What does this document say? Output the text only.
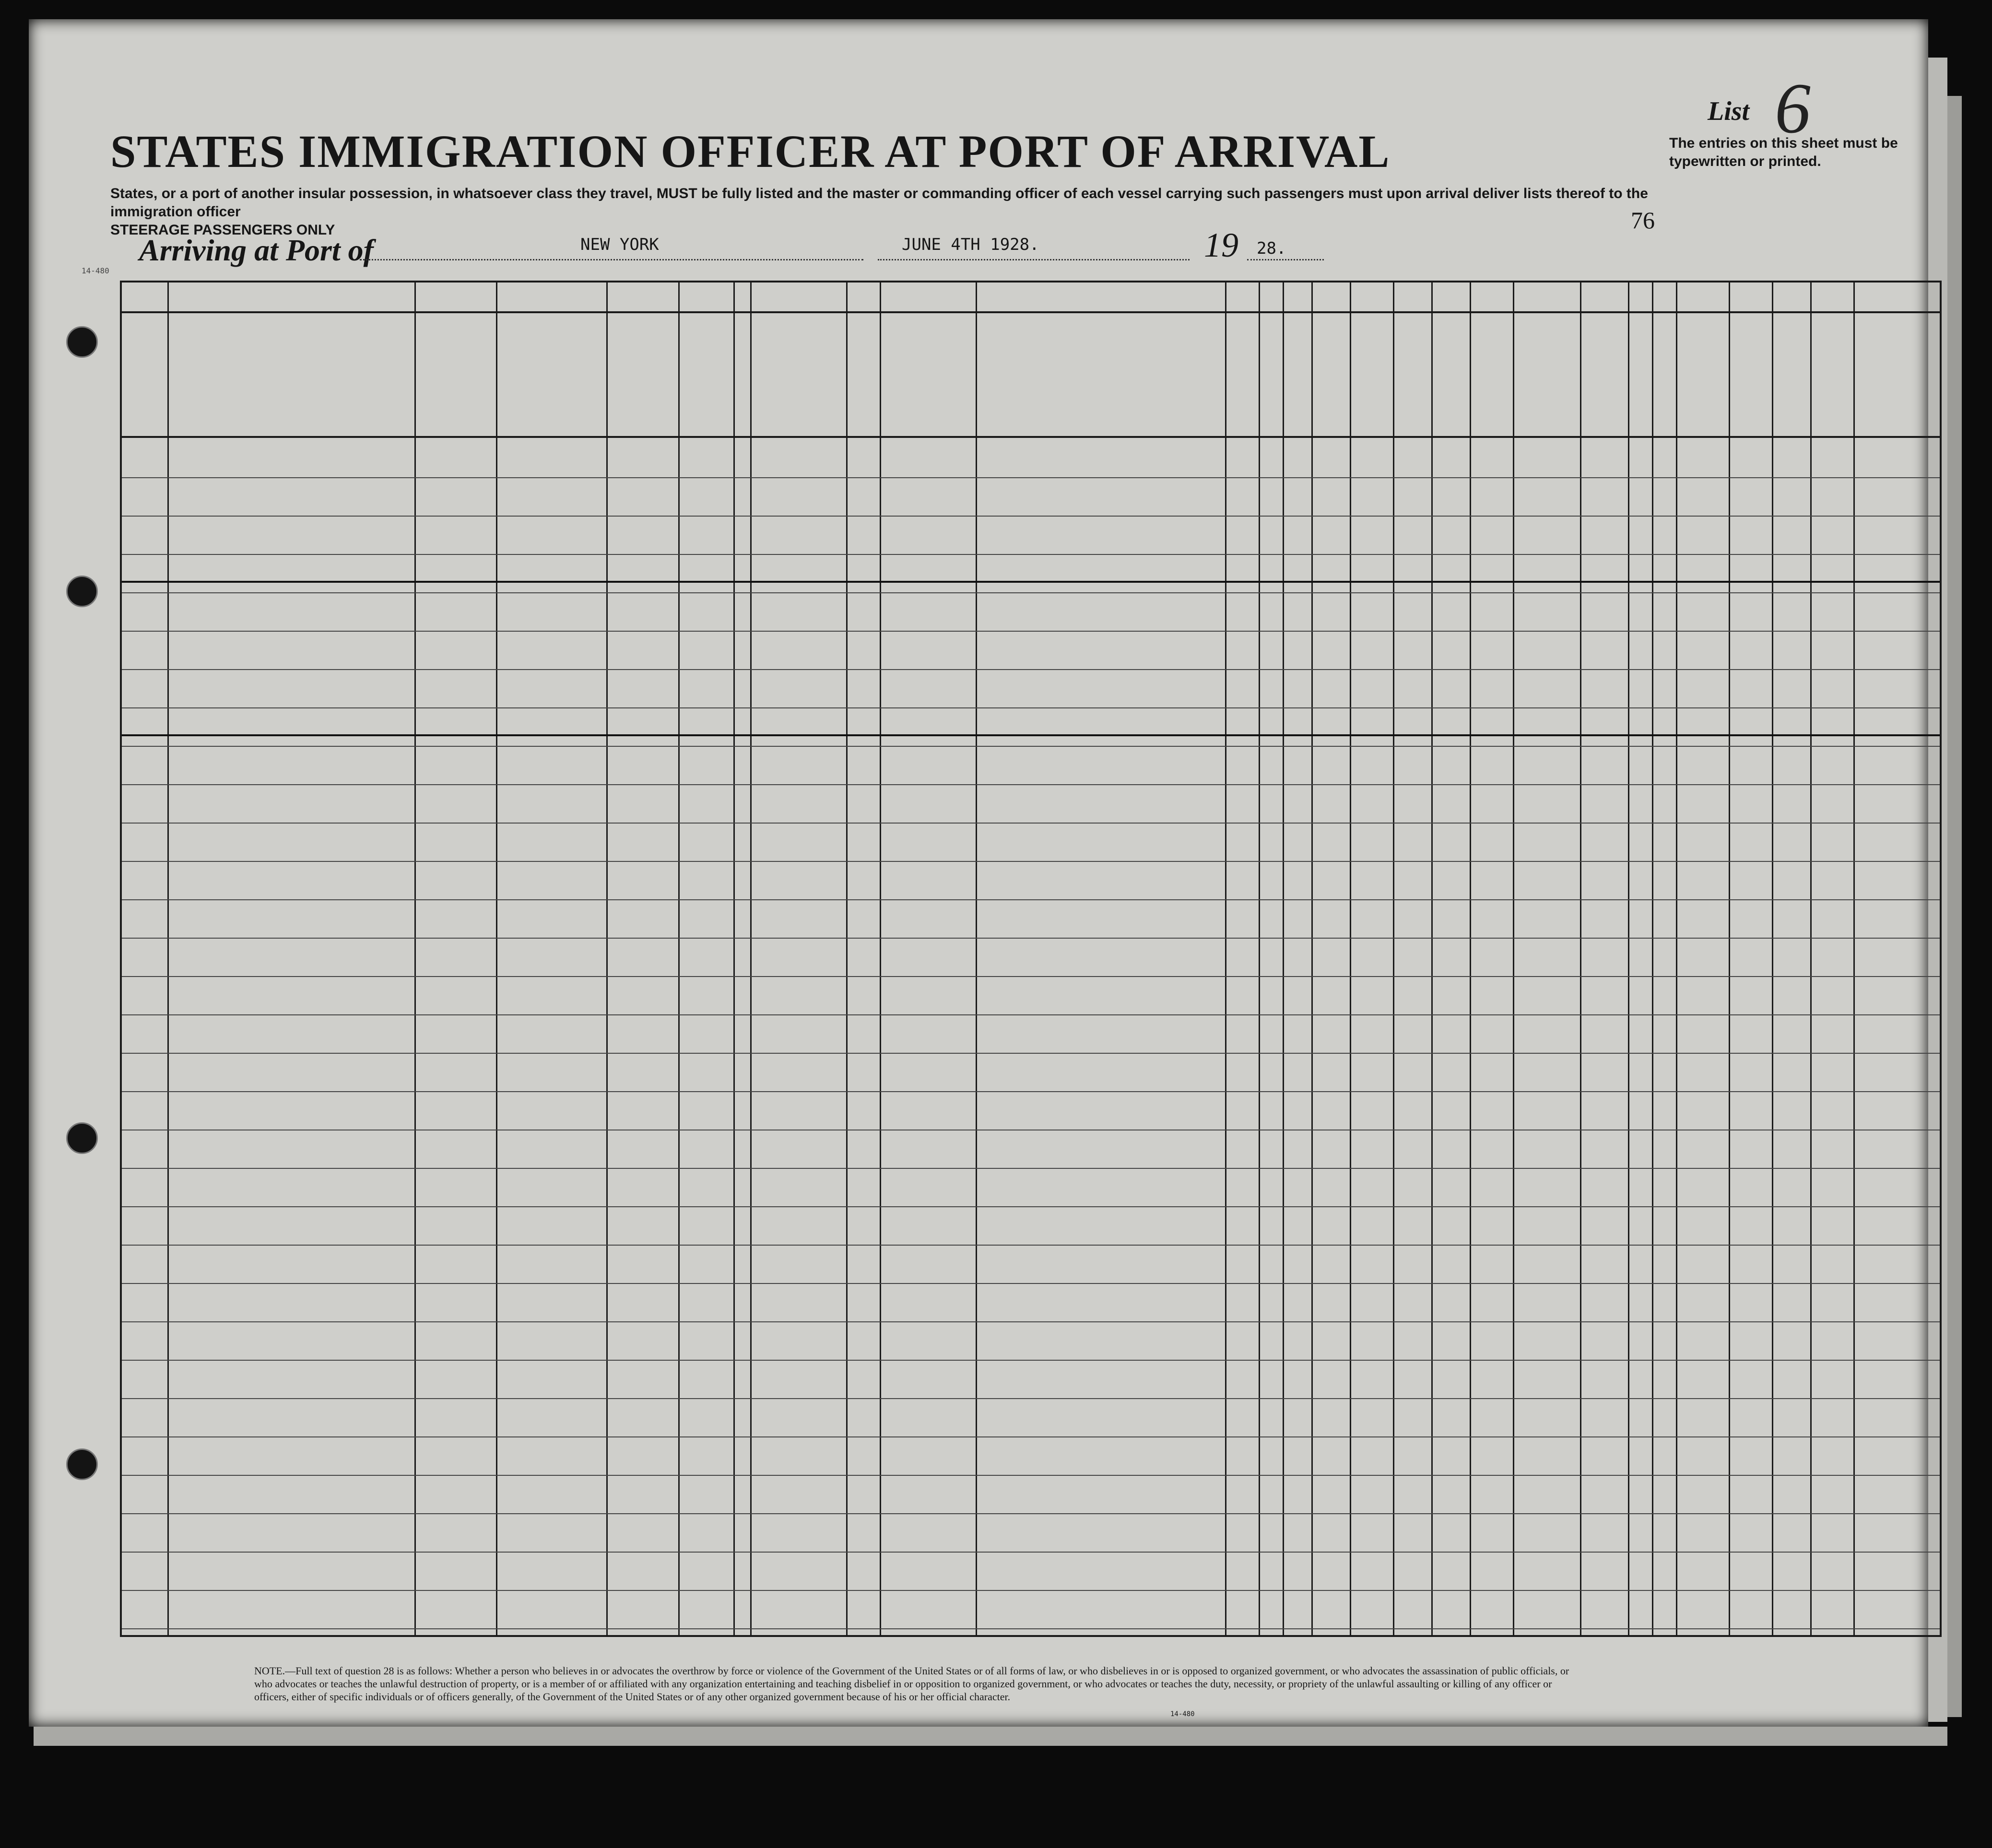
STATES IMMIGRATION OFFICER AT PORT OF ARRIVAL
States, or a port of another insular possession, in whatsoever class they travel, MUST be fully listed and the master or commanding officer of each vessel carrying such passengers must upon arrival deliver lists thereof to the immigration officer
STEERAGE PASSENGERS ONLY
List 6
The entries on this sheet must be typewritten or printed.
76
Arriving at Port of	NEW YORK	JUNE 4TH 1928.	19 28.
14-480
NOTE.—Full text of question 28 is as follows: Whether a person who believes in or advocates the overthrow by force or violence of the Government of the United States or of all forms of law, or who disbelieves in or is opposed to organized government, or who advocates the assassination of public officials, or who advocates or teaches the unlawful destruction of property, or is a member of or affiliated with any organization entertaining and teaching disbelief in or opposition to organized government, or who advocates or teaches the duty, necessity, or propriety of the unlawful assaulting or killing of any officer or officers, either of specific individuals or of officers generally, of the Government of the United States or of any other organized government because of his or her official character.
14-480
